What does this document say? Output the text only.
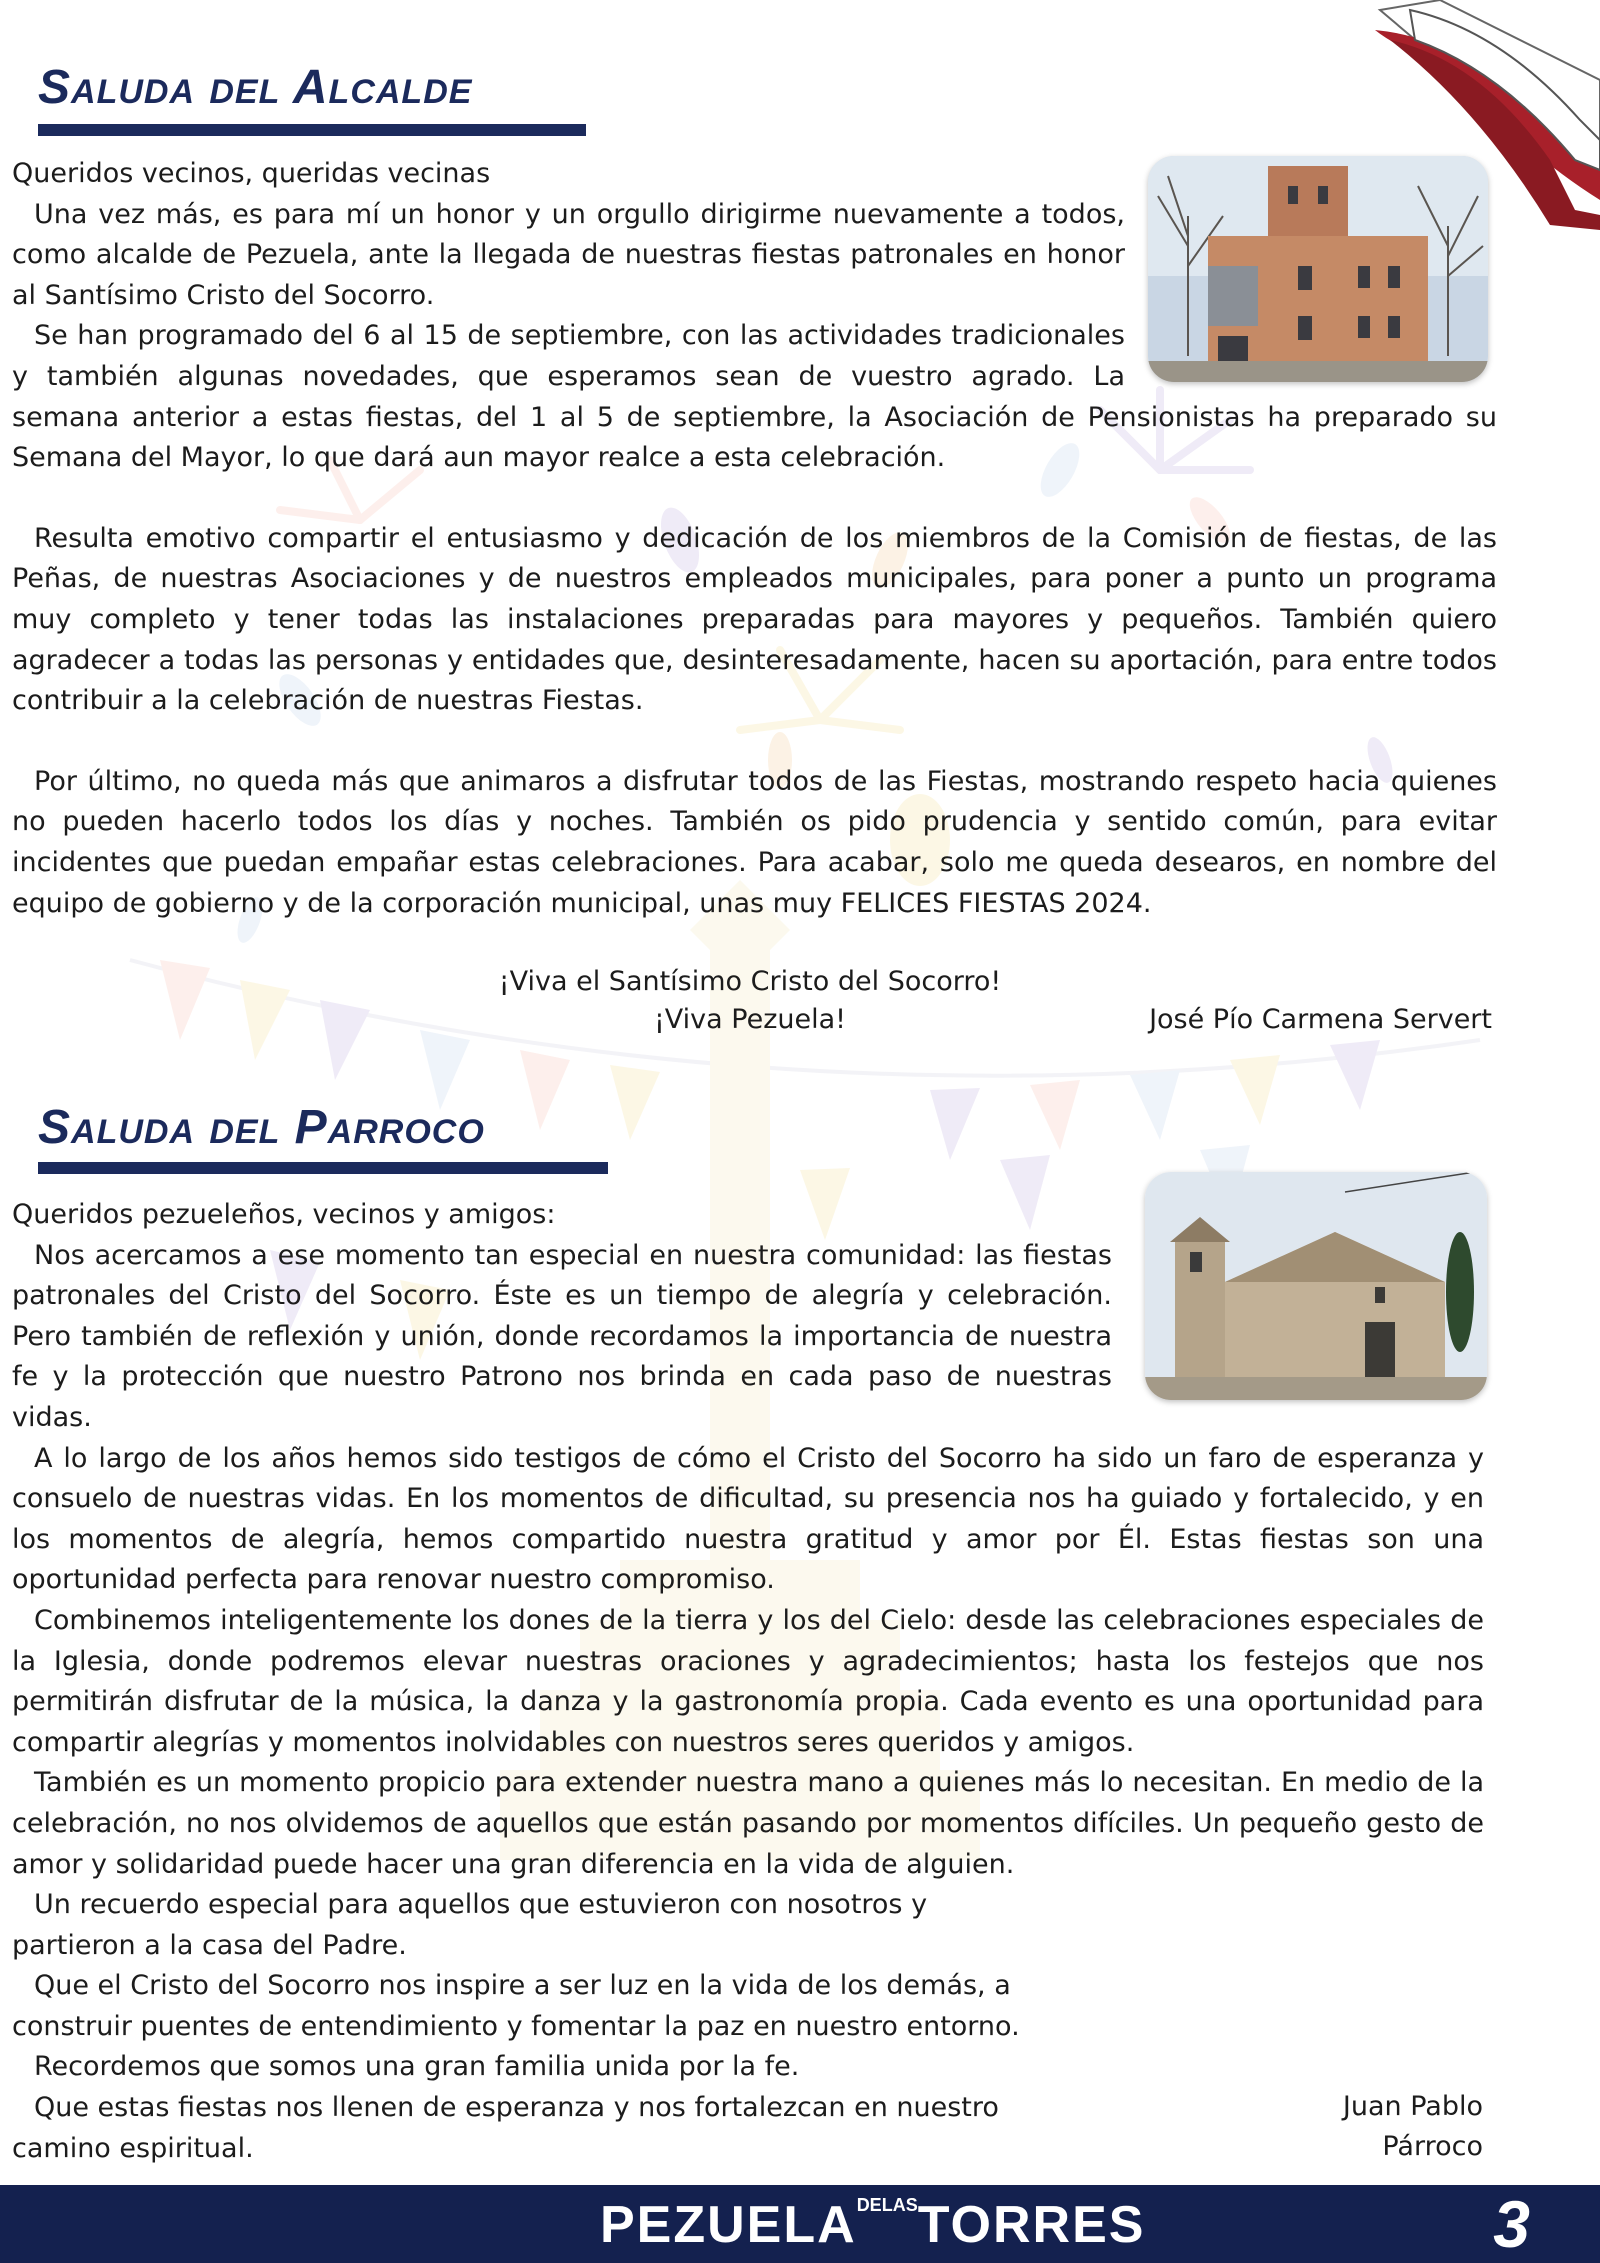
Saluda del Alcalde

Queridos vecinos, queridas vecinas

Una vez más, es para mí un honor y un orgullo dirigirme nuevamente a todos, como alcalde de Pezuela, ante la llegada de nuestras fiestas patronales en honor al Santísimo Cristo del Socorro.

Se han programado del 6 al 15 de septiembre, con las actividades tradicionales y también algunas novedades, que esperamos sean de vuestro agrado. La semana anterior a estas fiestas, del 1 al 5 de septiembre, la Asociación de Pensionistas ha preparado su Semana del Mayor, lo que dará aun mayor realce a esta celebración.

Resulta emotivo compartir el entusiasmo y dedicación de los miembros de la Comisión de fiestas, de las Peñas, de nuestras Asociaciones y de nuestros empleados municipales, para poner a punto un programa muy completo y tener todas las instalaciones preparadas para mayores y pequeños. También quiero agradecer a todas las personas y entidades que, desinteresadamente, hacen su aportación, para entre todos contribuir a la celebración de nuestras Fiestas.

Por último, no queda más que animaros a disfrutar todos de las Fiestas, mostrando respeto hacia quienes no pueden hacerlo todos los días y noches. También os pido prudencia y sentido común, para evitar incidentes que puedan empañar estas celebraciones. Para acabar, solo me queda desearos, en nombre del equipo de gobierno y de la corporación municipal, unas muy FELICES FIESTAS 2024.

¡Viva el Santísimo Cristo del Socorro!
¡Viva Pezuela!	José Pío Carmena Servert
Saluda del Parroco

Queridos pezueleños, vecinos y amigos:

Nos acercamos a ese momento tan especial en nuestra comunidad: las fiestas patronales del Cristo del Socorro. Éste es un tiempo de alegría y celebración. Pero también de reflexión y unión, donde recordamos la importancia de nuestra fe y la protección que nuestro Patrono nos brinda en cada paso de nuestras vidas.

A lo largo de los años hemos sido testigos de cómo el Cristo del Socorro ha sido un faro de esperanza y consuelo de nuestras vidas. En los momentos de dificultad, su presencia nos ha guiado y fortalecido, y en los momentos de alegría, hemos compartido nuestra gratitud y amor por Él. Estas fiestas son una oportunidad perfecta para renovar nuestro compromiso.

Combinemos inteligentemente los dones de la tierra y los del Cielo: desde las celebraciones especiales de la Iglesia, donde podremos elevar nuestras oraciones y agradecimientos; hasta los festejos que nos permitirán disfrutar de la música, la danza y la gastronomía propia. Cada evento es una oportunidad para compartir alegrías y momentos inolvidables con nuestros seres queridos y amigos.

También es un momento propicio para extender nuestra mano a quienes más lo necesitan. En medio de la celebración, no nos olvidemos de aquellos que están pasando por momentos difíciles. Un pequeño gesto de amor y solidaridad puede hacer una gran diferencia en la vida de alguien.

Un recuerdo especial para aquellos que estuvieron con nosotros y partieron a la casa del Padre.

Que el Cristo del Socorro nos inspire a ser luz en la vida de los demás, a construir puentes de entendimiento y fomentar la paz en nuestro entorno.

Recordemos que somos una gran familia unida por la fe.

Que estas fiestas nos llenen de esperanza y nos fortalezcan en nuestro camino espiritual.

Juan Pablo
Párroco
PEZUELADELASTORRES	3
